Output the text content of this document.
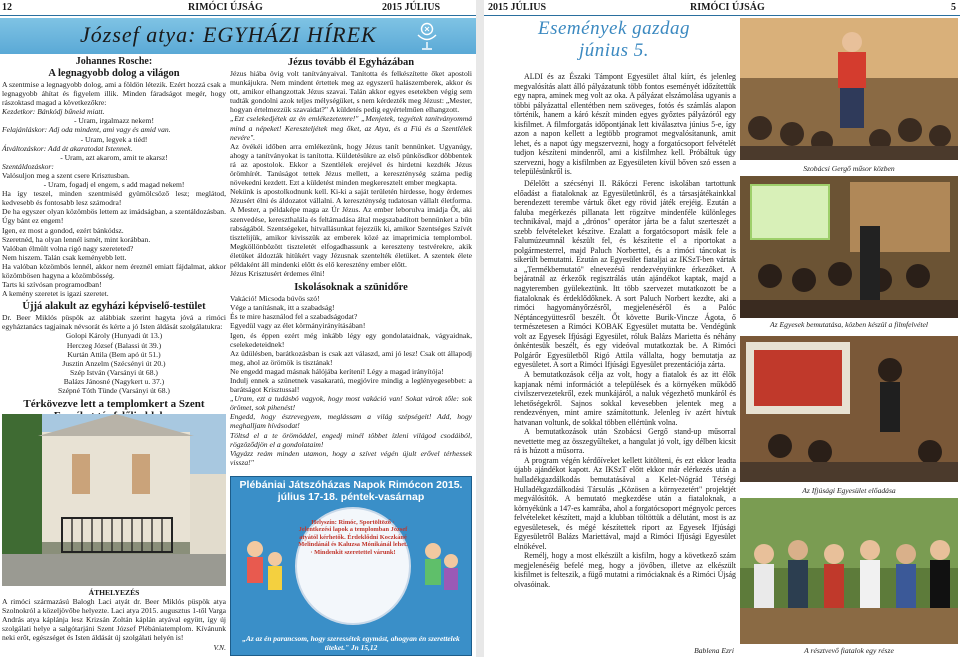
12	RIMÓCI ÚJSÁG	2015 JÚLIUS
József atya: EGYHÁZI HÍREK
Johannes Rosche:
A legnagyobb dolog a világon

A szentmise a legnagyobb dolog, ami a földön létezik. Ezért hozzá csak a legnagyobb áhítat és figyelem illik. Minden fáradságot megér, hogy rászoktasd magad a következőkre:

Kezdetkor: Bánkódj bűneid miatt.

- Uram, irgalmazz nekem!

Felajánláskor: Adj oda mindent, ami vagy és amid van.

- Uram, legyek a tiéd!

Átváltozáskor: Add át akaratodat Istennek.

- Uram, azt akarom, amit te akarsz!

Szentáldozáskor:

Valósuljon meg a szent csere Krisztusban.

- Uram, fogadj el engem, s add magad nekem!

Ha így teszel, minden szentmiséd gyümölcsöző lesz; meglátod, kedvesebb és fontosabb lesz számodra!

De ha egyszer olyan közömbös lettem az imádságban, a szentáldozásban. Úgy bánt ez engem!

Igen, ez most a gondod, ezért bánkódsz.

Szeretnéd, ha olyan lennél ismét, mint korábban.

Valóban élmült volna rigó nagy szereteted?

Nem hiszem. Talán csak keményebb lett.

Ha valóban közömbös lennél, akkor nem éreznél emiatt fájdalmat, akkor közömbösen hagyna a közömbösség.

Tarts ki szívósan programodban!

A kemény szeretet is igazi szeretet.

Újjá alakult az egyházi képviselő-testület

Dr. Beer Miklós püspök az alábbiak szerint hagyta jóvá a rimóci egyháztanács tagjainak névsorát és kérte a jó Isten áldását szolgálatukra:

Golopi Károly (Hunyadi út 13.)
Herczeg József (Balassi út 39.)
Kurtán Attila (Bem apó út 51.)
Jusztin Anzelm (Szécsényi út 20.)
Szép István (Varsányi út 68.)
Balázs Jánosné (Nagykert u. 37.)
Szépné Tóth Tünde (Varsányi út 68.)
Térkövezve lett a templomkert a Szent
ÁTHELYEZÉS

A rimóci származású Balogh Laci atyát dr. Beer Miklós püspök atya Szolnokról a közeljövőbe helyezte. Laci atya 2015. augusztus 1-től Varga András atya káplánja lesz Krizsán Zoltán káplán atyával együtt, így új szolgálati helye a salgótarjáni Szent József Plébániatemplom. Kívánunk neki erőt, egészséget és Isten áldását új szolgálati helyén is!

V.N.

Jézus tovább él Egyházában

Jézus hiába övig volt tanítványaival. Tanította és felkészítette őket apostoli munkájukra. Nem mindent értettek meg az egyszerű halászemberek, akkor és ott, amikor elhangzottak Jézus szavai. Talán akkor egyes esetekben végig sem tudták gondolni azok teljes mélységüket, s nem kérdezték meg Jézust: „Mester, hogyan értelmezzük szavaidat?" A küldetés pedig egyértelműen elhangzott.

„Ezt cselekedjétek az én emlékezetemre!" „Menjetek, tegyétek tanítványommá mind a népeket! Kereszteljétek meg őket, az Atya, és a Fiú és a Szentlélek nevére".

Az övékéi időben arra emlékezünk, hogy Jézus tanít bennünket. Ugyanúgy, ahogy a tanítványokat is tanította. Küldetésükre az első pünkösdkor döbbentek rá az apostolok. Ekkor a Szentlélek erejével és hirdetni kezdték Jézus örömhírét. Tanúságot tettek Jézus mellett, a kereszténység száma pedig növekedni kezdett. Ezt a küldetést minden megkeresztelt ember megkapta.

Nekünk is apostolkodnunk kell. Ki-ki a saját területén hirdesse, hogy érdemes Jézusért élni és áldozatot vállalni. A kereszténység tudatosan vállalt életforma. A Mester, a példaképe maga az Úr Jézus. Az ember leborulva imádja Őt, aki szenvedése, kereszthalála és feltámadása által megszabadított bennünket a bűn rabságából. Szentségeket, hitvallásunkat fejezzük ki, amikor Szentséges Szívét tisztelijük, amikor kivisszük az emberek közé az imaprimicia templombol. Megköllönbözött tiszteletét elfogadhassunk a kereszteny testvérekre, akik életüket áldozták hitükért vagy Jézusnak szentelték életüket. A szentek élete példaként áll mindenki előtt és elő keresztény ember előtt.

Jézus Krisztusért érdemes élni!

Iskolásoknak a szünidőre

Vakáció! Micsoda búvös szó!

Vége a tanításnak, itt a szabadság!

És te mire használod fel a szabadságodat?

Egyedül vagy az élet körmányirányításában!

Igen, és éppen ezért még inkább légy egy gondolataidnak, vágyaidnak, cselekedeteidnek!

Az üdülésben, barátkozásban is csak azt válaszd, ami jó lesz! Csak ott állapodj meg, ahol az örömök is tisztának!

Ne engedd magad másnak hálójába kerítení! Légy a magad irányítója!

Indulj ennek a szünetnek vasakaratú, megjóvire mindig a leglényegesebbet: a barátságot Krisztussal!

„Uram, ezt a tudásbó vagyok, hogy most vakáció van! Sokat várok tőle: sok örömet, sok pihenést!

Engedd, hogy észrevegyem, meglássam a világ szépségeit! Add, hogy meghalljam hívásodat!

Töltsd el a te örömöddel, engedj minél többet ízleni világod csodáiból, rögzöződjön el a gondolataim!

Vigyázz reám minden utamon, hogy a szívet végén újult erővel térhessek vissza!"

Plébániai Játszóházas Napok Rimócon 2015. július 17-18. péntek-vasárnap
Helyszín: Rimóc, Sportöltöző · Jelentkezési lapok a templomban József atyától kérhetők. Érdeklődni Koczkáné Melindánál és Kaluzsa Mónikánál lehet. · Mindenkit szeretettel várunk!
„Az az én parancsom, hogy szeressétek egymást, ahogyan én szerettelek titeket." Jn 15,12
2015 JÚLIUS	RIMÓCI ÚJSÁG	5
Események gazdag június 5.
Szobácsi Gergő műsor közben
Az Egyesek bemutatása, közben készül a filmfelvétel
Az Ifjúsági Egyesület előadása
A résztvevő fiatalok egy része

ALDI és az Északi Támpont Egyesület által kiírt, és jelenleg megvalósítás alatt álló pályázatunk több fontos eseményét időzítettük egy napra, aminek meg volt az oka. A pályázat elszámolása ugyanis a többi pályázattal ellentétben nem szöveges, fotós és számlás alapon történik, hanem a káró készít minden egyes győztes pályázóról egy kisfilmet. A filmforgatás időpontjának lett kiválasztva június 5-e, így azon a napon kellett a legtöbb programot megvalósítanunk, amit lehet, és a napot úgy megszervezni, hogy a forgatócsoport felvételét tudjon készíteni mindenről, ami a kisfilmhez kell. Próbáltuk úgy szervezni, hogy a kisfilmben az Egyesületen kívül bőven szó essen a településünkről is.

Délelőtt a szécsényi II. Rákóczi Ferenc iskolában tartottunk előadást a fiataloknak az Egyesületünkről, és a társasjátékainkkal berendezett terembe vártuk őket egy rövid játék erejéig. Ezután a faluba megérkezés pillanata lett rögzítve mindenféle különleges technikával, majd a „drónos" operátor járta be a falut szerteszét a szebb felvételeket készítve. Ezalatt a forgatócsoport másik fele a Falumúzeumnál készült fel, és készítette el a riportokat a polgármesterrel, majd Paluch Norberttel, és a rimóci táncokat is sikerült bemutatni. Ezután az Egyesület fiataljai az IKSzT-ben vártak a „Termékbemutató" elnevezésű rendezvényünkre érkezőket. A bejáratnál az érkezők regisztrálás után ajándékot kaptak, majd a nagyteremben gyülekeztünk. Itt több szervezet mutatkozott be a fiataloknak és érdeklődőknek. A sort Paluch Norbert kezdte, aki a rimóci hagyományőrzésről, megjelenéséről és a Palóc Néptáncegyüttesről beszélt. Őt követte Burik-Vincze Ágota, ő természetesen a Rimóci KOBAK Egyesület mutatta be. Vendégünk volt az Egyesek Ifjúsági Egyesület, róluk Balázs Marietta és néhány önkéntesük beszélt, és egy videóval mutatkoztak be. A Rimóci Polgárőr Egyesületből Rigó Attila vállalta, hogy bemutatja az egyesületet. A sort a Rimóci Ifjúsági Egyesület prezentációja zárta.

A bemutatkozások célja az volt, hogy a fiatalok és az itt élők kapjanak némi információt a települések és a környéken működő civilszervezetekről, ezek munkájáról, a naluk végezhető munkáról és lehetőségekről. Sajnos sokkal kevesebben jelentek meg a rendezvényen, mint amire számítottunk. Jelenleg ív azért hívtuk hatvanan voltunk, de sokkal többen ellértünk volna.

A bemutatkozások után Szobácsi Gergő stand-up műsorral nevettette meg az összegyűlteket, a hangulat jó volt, így délben kicsit rá is húzott a műsorra.

A program végén kérdőíveket kellett kitölteni, és ezt ekkor leadta újabb ajándékot kapott. Az IKSzT előtt ekkor már elérkezés után a hulladékgazdálkodás bemutatásával a Kelet-Nógrád Térségi Hulladékgazdálkodási Társulás „Közösen a környezetért" projektjét megválósítók. A bemutató megkezdése után a fiataloknak, a környékünk a 147-es kamrába, ahol a forgatócsoport mégnyolc perces felvételeket készített, majd a klubban töltöttük a délutánt, most is az egyesületesek, és mégé készítettek riport az Egyesek Ifjúsági Egyesületről Balázs Mariettával, majd a Rimóci Ifjúsági Egyesület elnökével.

Remélj, hogy a most elkészült a kisfilm, hogy a következő szám megjelenéséig befelé meg, hogy a jövőben, illetve az elkészült kisfilmet is felteszik, a fügő mutatni a rimóciaknak és a Rimóci Újság olvasóinak.

Bablena Ezri
